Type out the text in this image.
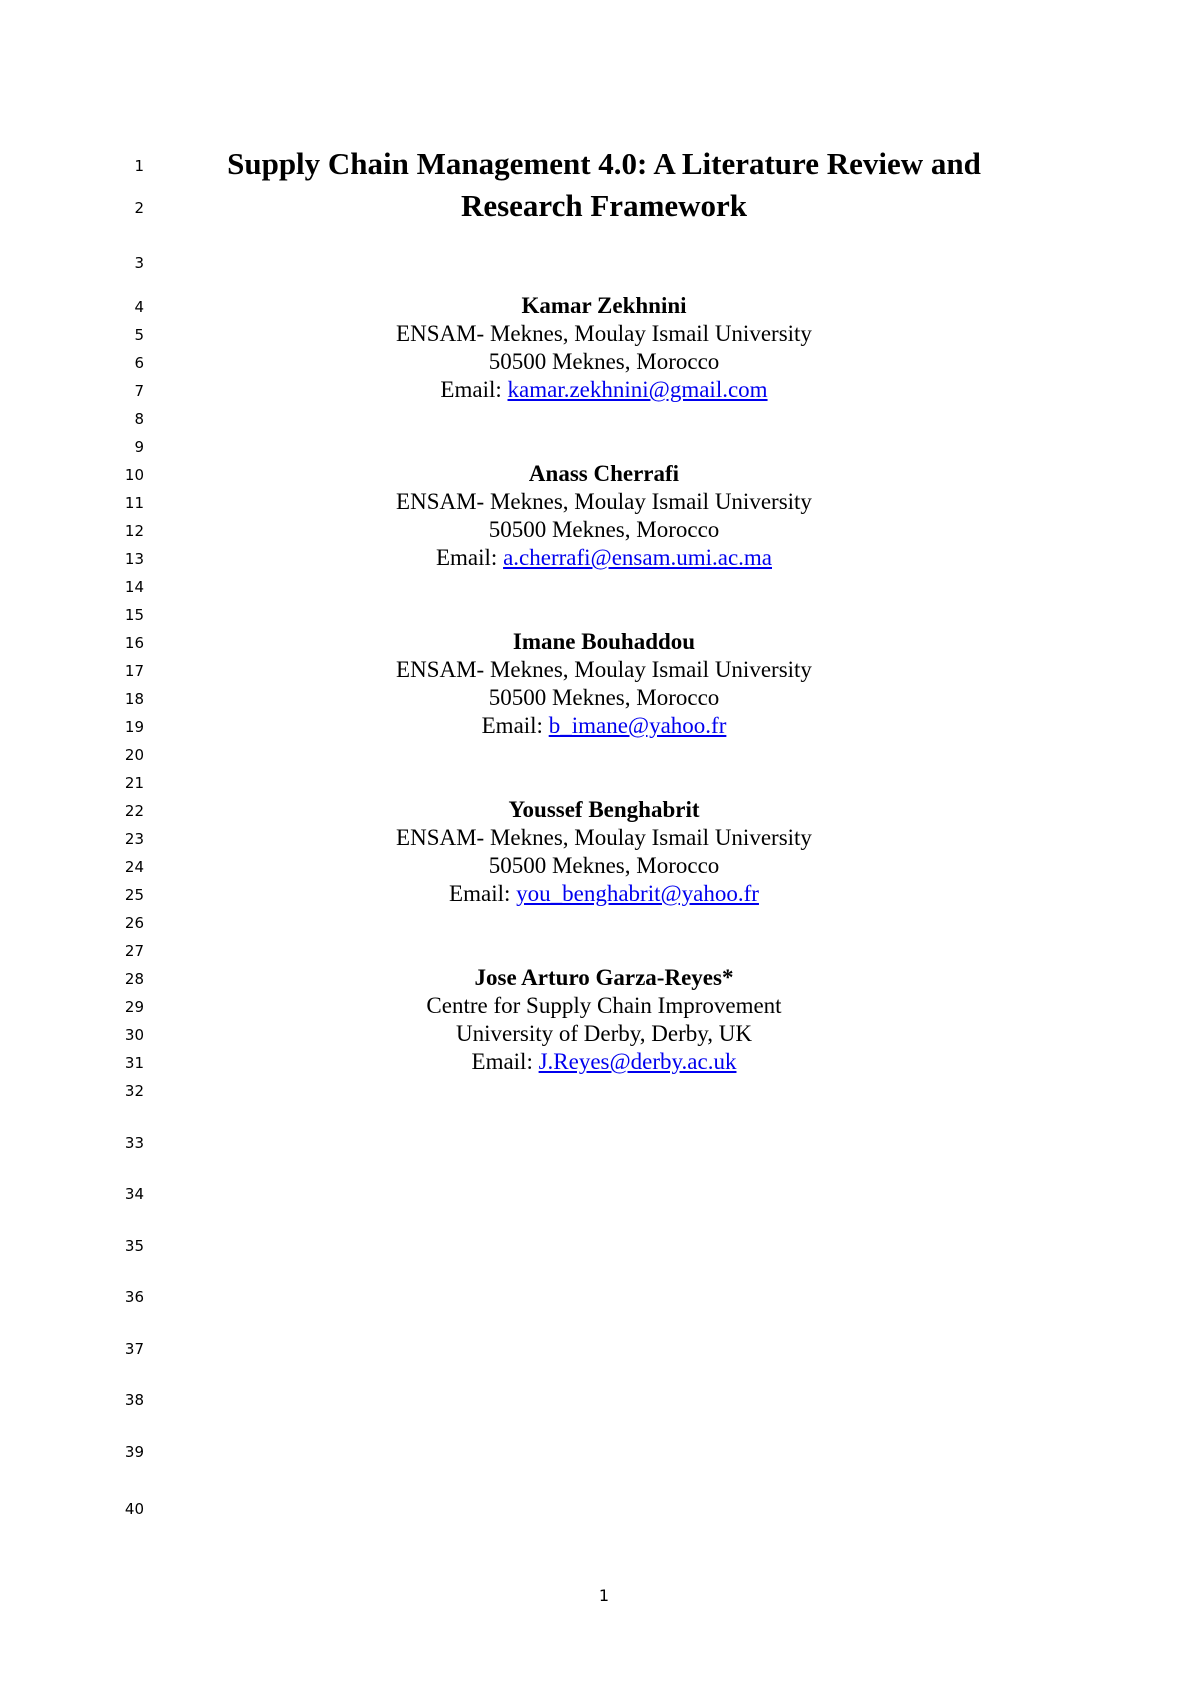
1
2
3
4
5
6
7
8
9
10
11
12
13
14
15
16
17
18
19
20
21
22
23
24
25
26
27
28
29
30
31
32
33
34
35
36
37
38
39
40
Supply Chain Management 4.0: A Literature Review and
Research Framework
Kamar Zekhnini
ENSAM- Meknes, Moulay Ismail University
50500 Meknes, Morocco
Email: kamar.zekhnini@gmail.com
Anass Cherrafi
ENSAM- Meknes, Moulay Ismail University
50500 Meknes, Morocco
Email: a.cherrafi@ensam.umi.ac.ma
Imane Bouhaddou
ENSAM- Meknes, Moulay Ismail University
50500 Meknes, Morocco
Email: b_imane@yahoo.fr
Youssef Benghabrit
ENSAM- Meknes, Moulay Ismail University
50500 Meknes, Morocco
Email: you_benghabrit@yahoo.fr
Jose Arturo Garza-Reyes*
Centre for Supply Chain Improvement
University of Derby, Derby, UK
Email: J.Reyes@derby.ac.uk
1
